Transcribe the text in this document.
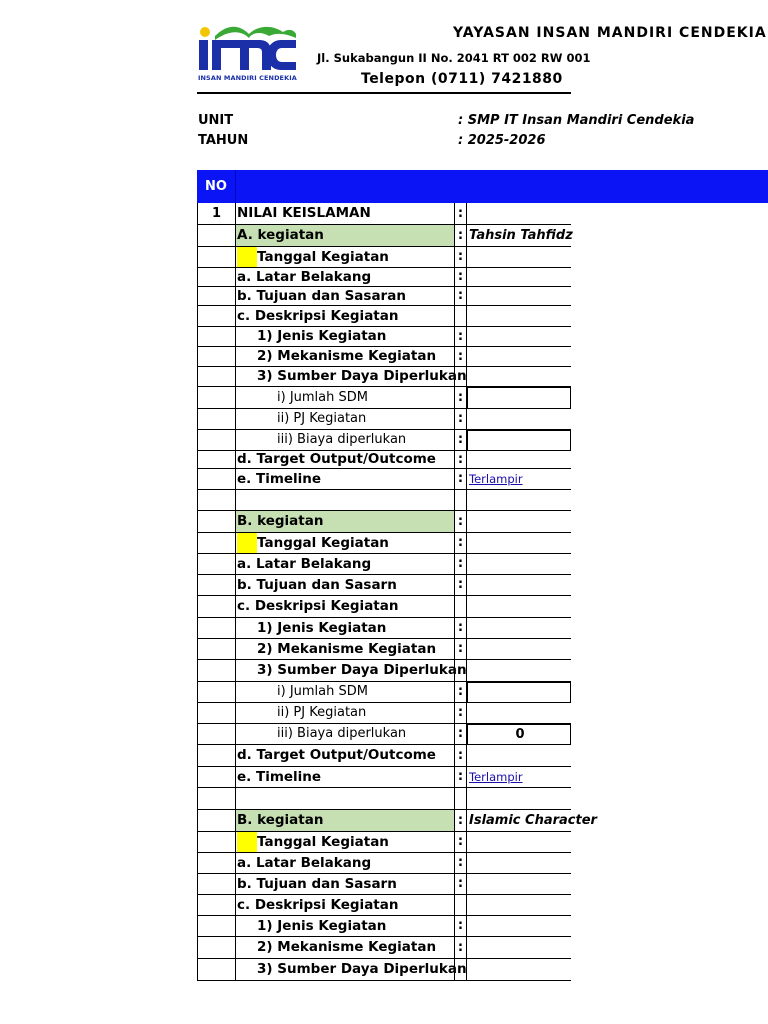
INSAN MANDIRI CENDEKIA
YAYASAN INSAN MANDIRI CENDEKIA
Jl. Sukabangun II No. 2041 RT 002 RW 001
Telepon (0711) 7421880
UNIT	: SMP IT Insan Mandiri Cendekia
TAHUN	: 2025-2026
NO
1	NILAI KEISLAMAN	:
A. kegiatan	: Tahsin Tahfidz
Tanggal Kegiatan	:
a. Latar Belakang	:
b. Tujuan dan Sasaran	:
c. Deskripsi Kegiatan
1) Jenis Kegiatan	:
2) Mekanisme Kegiatan	:
3) Sumber Daya Diperlukan
i) Jumlah SDM	:
ii) PJ Kegiatan	:
iii) Biaya diperlukan	:
d. Target Output/Outcome	:
e. Timeline	: Terlampir
B. kegiatan	:
Tanggal Kegiatan	:
a. Latar Belakang	:
b. Tujuan dan Sasarn	:
c. Deskripsi Kegiatan
1) Jenis Kegiatan	:
2) Mekanisme Kegiatan	:
3) Sumber Daya Diperlukan
i) Jumlah SDM	:
ii) PJ Kegiatan	:
iii) Biaya diperlukan	:	0
d. Target Output/Outcome	:
e. Timeline	: Terlampir
B. kegiatan	: Islamic Character
Tanggal Kegiatan	:
a. Latar Belakang	:
b. Tujuan dan Sasarn	:
c. Deskripsi Kegiatan
1) Jenis Kegiatan	:
2) Mekanisme Kegiatan	:
3) Sumber Daya Diperlukan
